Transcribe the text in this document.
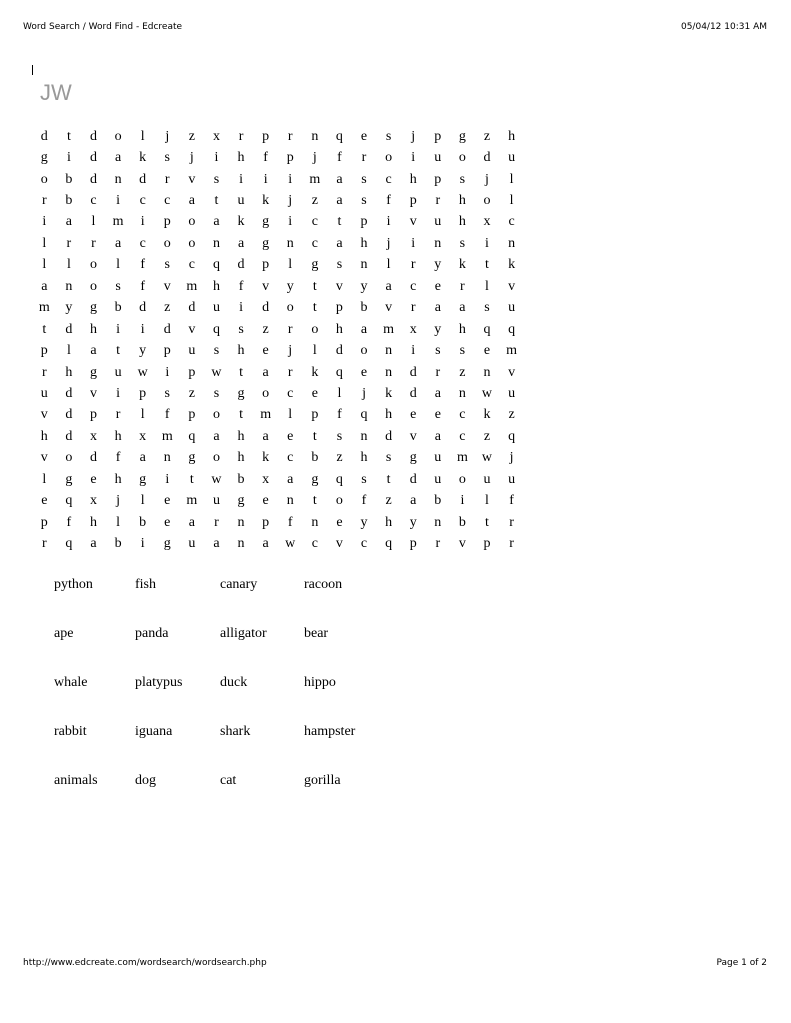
Word Search / Word Find - Edcreate	05/04/12 10:31 AM
JW
d	t	d	o	l	j	z	x	r	p	r	n	q	e	s	j	p	g	z	h
g	i	d	a	k	s	j	i	h	f	p	j	f	r	o	i	u	o	d	u
o	b	d	n	d	r	v	s	i	i	i	m	a	s	c	h	p	s	j	l
r	b	c	i	c	c	a	t	u	k	j	z	a	s	f	p	r	h	o	l
i	a	l	m	i	p	o	a	k	g	i	c	t	p	i	v	u	h	x	c
l	r	r	a	c	o	o	n	a	g	n	c	a	h	j	i	n	s	i	n
l	l	o	l	f	s	c	q	d	p	l	g	s	n	l	r	y	k	t	k
a	n	o	s	f	v	m	h	f	v	y	t	v	y	a	c	e	r	l	v
m	y	g	b	d	z	d	u	i	d	o	t	p	b	v	r	a	a	s	u
t	d	h	i	i	d	v	q	s	z	r	o	h	a	m	x	y	h	q	q
p	l	a	t	y	p	u	s	h	e	j	l	d	o	n	i	s	s	e	m
r	h	g	u	w	i	p	w	t	a	r	k	q	e	n	d	r	z	n	v
u	d	v	i	p	s	z	s	g	o	c	e	l	j	k	d	a	n	w	u
v	d	p	r	l	f	p	o	t	m	l	p	f	q	h	e	e	c	k	z
h	d	x	h	x	m	q	a	h	a	e	t	s	n	d	v	a	c	z	q
v	o	d	f	a	n	g	o	h	k	c	b	z	h	s	g	u	m	w	j
l	g	e	h	g	i	t	w	b	x	a	g	q	s	t	d	u	o	u	u
e	q	x	j	l	e	m	u	g	e	n	t	o	f	z	a	b	i	l	f
p	f	h	l	b	e	a	r	n	p	f	n	e	y	h	y	n	b	t	r
r	q	a	b	i	g	u	a	n	a	w	c	v	c	q	p	r	v	p	r
python	fish	canary	racoon
ape	panda	alligator	bear
whale	platypus	duck	hippo
rabbit	iguana	shark	hampster
animals	dog	cat	gorilla
http://www.edcreate.com/wordsearch/wordsearch.php	Page 1 of 2
